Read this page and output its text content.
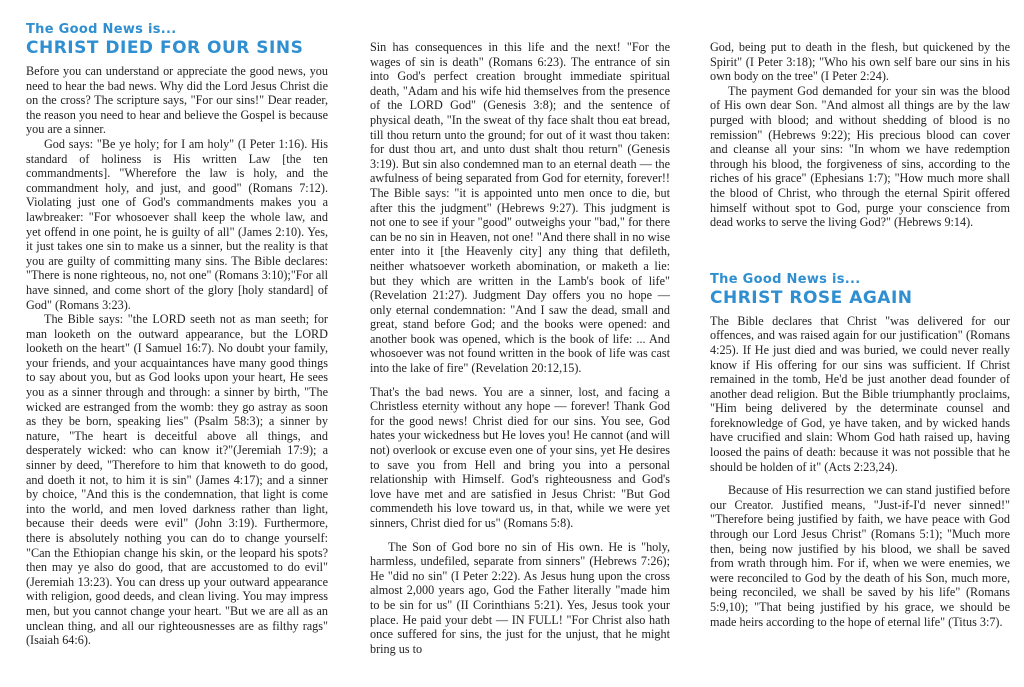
The Good News is...
CHRIST DIED FOR OUR SINS

Before you can understand or appreciate the good news, you need to hear the bad news. Why did the Lord Jesus Christ die on the cross? The scripture says, "For our sins!" Dear reader, the reason you need to hear and believe the Gospel is because you are a sinner.

God says: "Be ye holy; for I am holy" (I Peter 1:16). His standard of holiness is His written Law [the ten commandments]. "Wherefore the law is holy, and the commandment holy, and just, and good" (Romans 7:12). Violating just one of God's commandments makes you a lawbreaker: "For whosoever shall keep the whole law, and yet offend in one point, he is guilty of all" (James 2:10). Yes, it just takes one sin to make us a sinner, but the reality is that you are guilty of committing many sins. The Bible declares: "There is none righteous, no, not one" (Romans 3:10);"For all have sinned, and come short of the glory [holy standard] of God" (Romans 3:23).

The Bible says: "the LORD seeth not as man seeth; for man looketh on the outward appearance, but the LORD looketh on the heart" (I Samuel 16:7). No doubt your family, your friends, and your acquaintances have many good things to say about you, but as God looks upon your heart, He sees you as a sinner through and through: a sinner by birth, "The wicked are estranged from the womb: they go astray as soon as they be born, speaking lies" (Psalm 58:3); a sinner by nature, "The heart is deceitful above all things, and desperately wicked: who can know it?"(Jeremiah 17:9); a sinner by deed, "Therefore to him that knoweth to do good, and doeth it not, to him it is sin" (James 4:17); and a sinner by choice, "And this is the condemnation, that light is come into the world, and men loved darkness rather than light, because their deeds were evil" (John 3:19). Furthermore, there is absolutely nothing you can do to change yourself: "Can the Ethiopian change his skin, or the leopard his spots? then may ye also do good, that are accustomed to do evil" (Jeremiah 13:23). You can dress up your outward appearance with religion, good deeds, and clean living. You may impress men, but you cannot change your heart. "But we are all as an unclean thing, and all our righteousnesses are as filthy rags" (Isaiah 64:6).

Sin has consequences in this life and the next! "For the wages of sin is death" (Romans 6:23). The entrance of sin into God's perfect creation brought immediate spiritual death, "Adam and his wife hid themselves from the presence of the LORD God" (Genesis 3:8); and the sentence of physical death, "In the sweat of thy face shalt thou eat bread, till thou return unto the ground; for out of it wast thou taken: for dust thou art, and unto dust shalt thou return" (Genesis 3:19). But sin also condemned man to an eternal death — the awfulness of being separated from God for eternity, forever!! The Bible says: "it is appointed unto men once to die, but after this the judgment" (Hebrews 9:27). This judgment is not one to see if your "good" outweighs your "bad," for there can be no sin in Heaven, not one! "And there shall in no wise enter into it [the Heavenly city] any thing that defileth, neither whatsoever worketh abomination, or maketh a lie: but they which are written in the Lamb's book of life" (Revelation 21:27). Judgment Day offers you no hope — only eternal condemnation: "And I saw the dead, small and great, stand before God; and the books were opened: and another book was opened, which is the book of life: ... And whosoever was not found written in the book of life was cast into the lake of fire" (Revelation 20:12,15).

That's the bad news. You are a sinner, lost, and facing a Christless eternity without any hope — forever! Thank God for the good news! Christ died for our sins. You see, God hates your wickedness but He loves you! He cannot (and will not) overlook or excuse even one of your sins, yet He desires to save you from Hell and bring you into a personal relationship with Himself. God's righteousness and God's love have met and are satisfied in Jesus Christ: "But God commendeth his love toward us, in that, while we were yet sinners, Christ died for us" (Romans 5:8).

The Son of God bore no sin of His own. He is "holy, harmless, undefiled, separate from sinners" (Hebrews 7:26); He "did no sin" (I Peter 2:22). As Jesus hung upon the cross almost 2,000 years ago, God the Father literally "made him to be sin for us" (II Corinthians 5:21). Yes, Jesus took your place. He paid your debt — IN FULL! "For Christ also hath once suffered for sins, the just for the unjust, that he might bring us to

God, being put to death in the flesh, but quickened by the Spirit" (I Peter 3:18); "Who his own self bare our sins in his own body on the tree" (I Peter 2:24).

The payment God demanded for your sin was the blood of His own dear Son. "And almost all things are by the law purged with blood; and without shedding of blood is no remission" (Hebrews 9:22); His precious blood can cover and cleanse all your sins: "In whom we have redemption through his blood, the forgiveness of sins, according to the riches of his grace" (Ephesians 1:7); "How much more shall the blood of Christ, who through the eternal Spirit offered himself without spot to God, purge your conscience from dead works to serve the living God?" (Hebrews 9:14).

The Good News is...
CHRIST ROSE AGAIN

The Bible declares that Christ "was delivered for our offences, and was raised again for our justification" (Romans 4:25). If He just died and was buried, we could never really know if His offering for our sins was sufficient. If Christ remained in the tomb, He'd be just another dead founder of another dead religion. But the Bible triumphantly proclaims, "Him being delivered by the determinate counsel and foreknowledge of God, ye have taken, and by wicked hands have crucified and slain: Whom God hath raised up, having loosed the pains of death: because it was not possible that he should be holden of it" (Acts 2:23,24).

Because of His resurrection we can stand justified before our Creator. Justified means, "Just-if-I'd never sinned!" "Therefore being justified by faith, we have peace with God through our Lord Jesus Christ" (Romans 5:1); "Much more then, being now justified by his blood, we shall be saved from wrath through him. For if, when we were enemies, we were reconciled to God by the death of his Son, much more, being reconciled, we shall be saved by his life" (Romans 5:9,10); "That being justified by his grace, we should be made heirs according to the hope of eternal life" (Titus 3:7).
